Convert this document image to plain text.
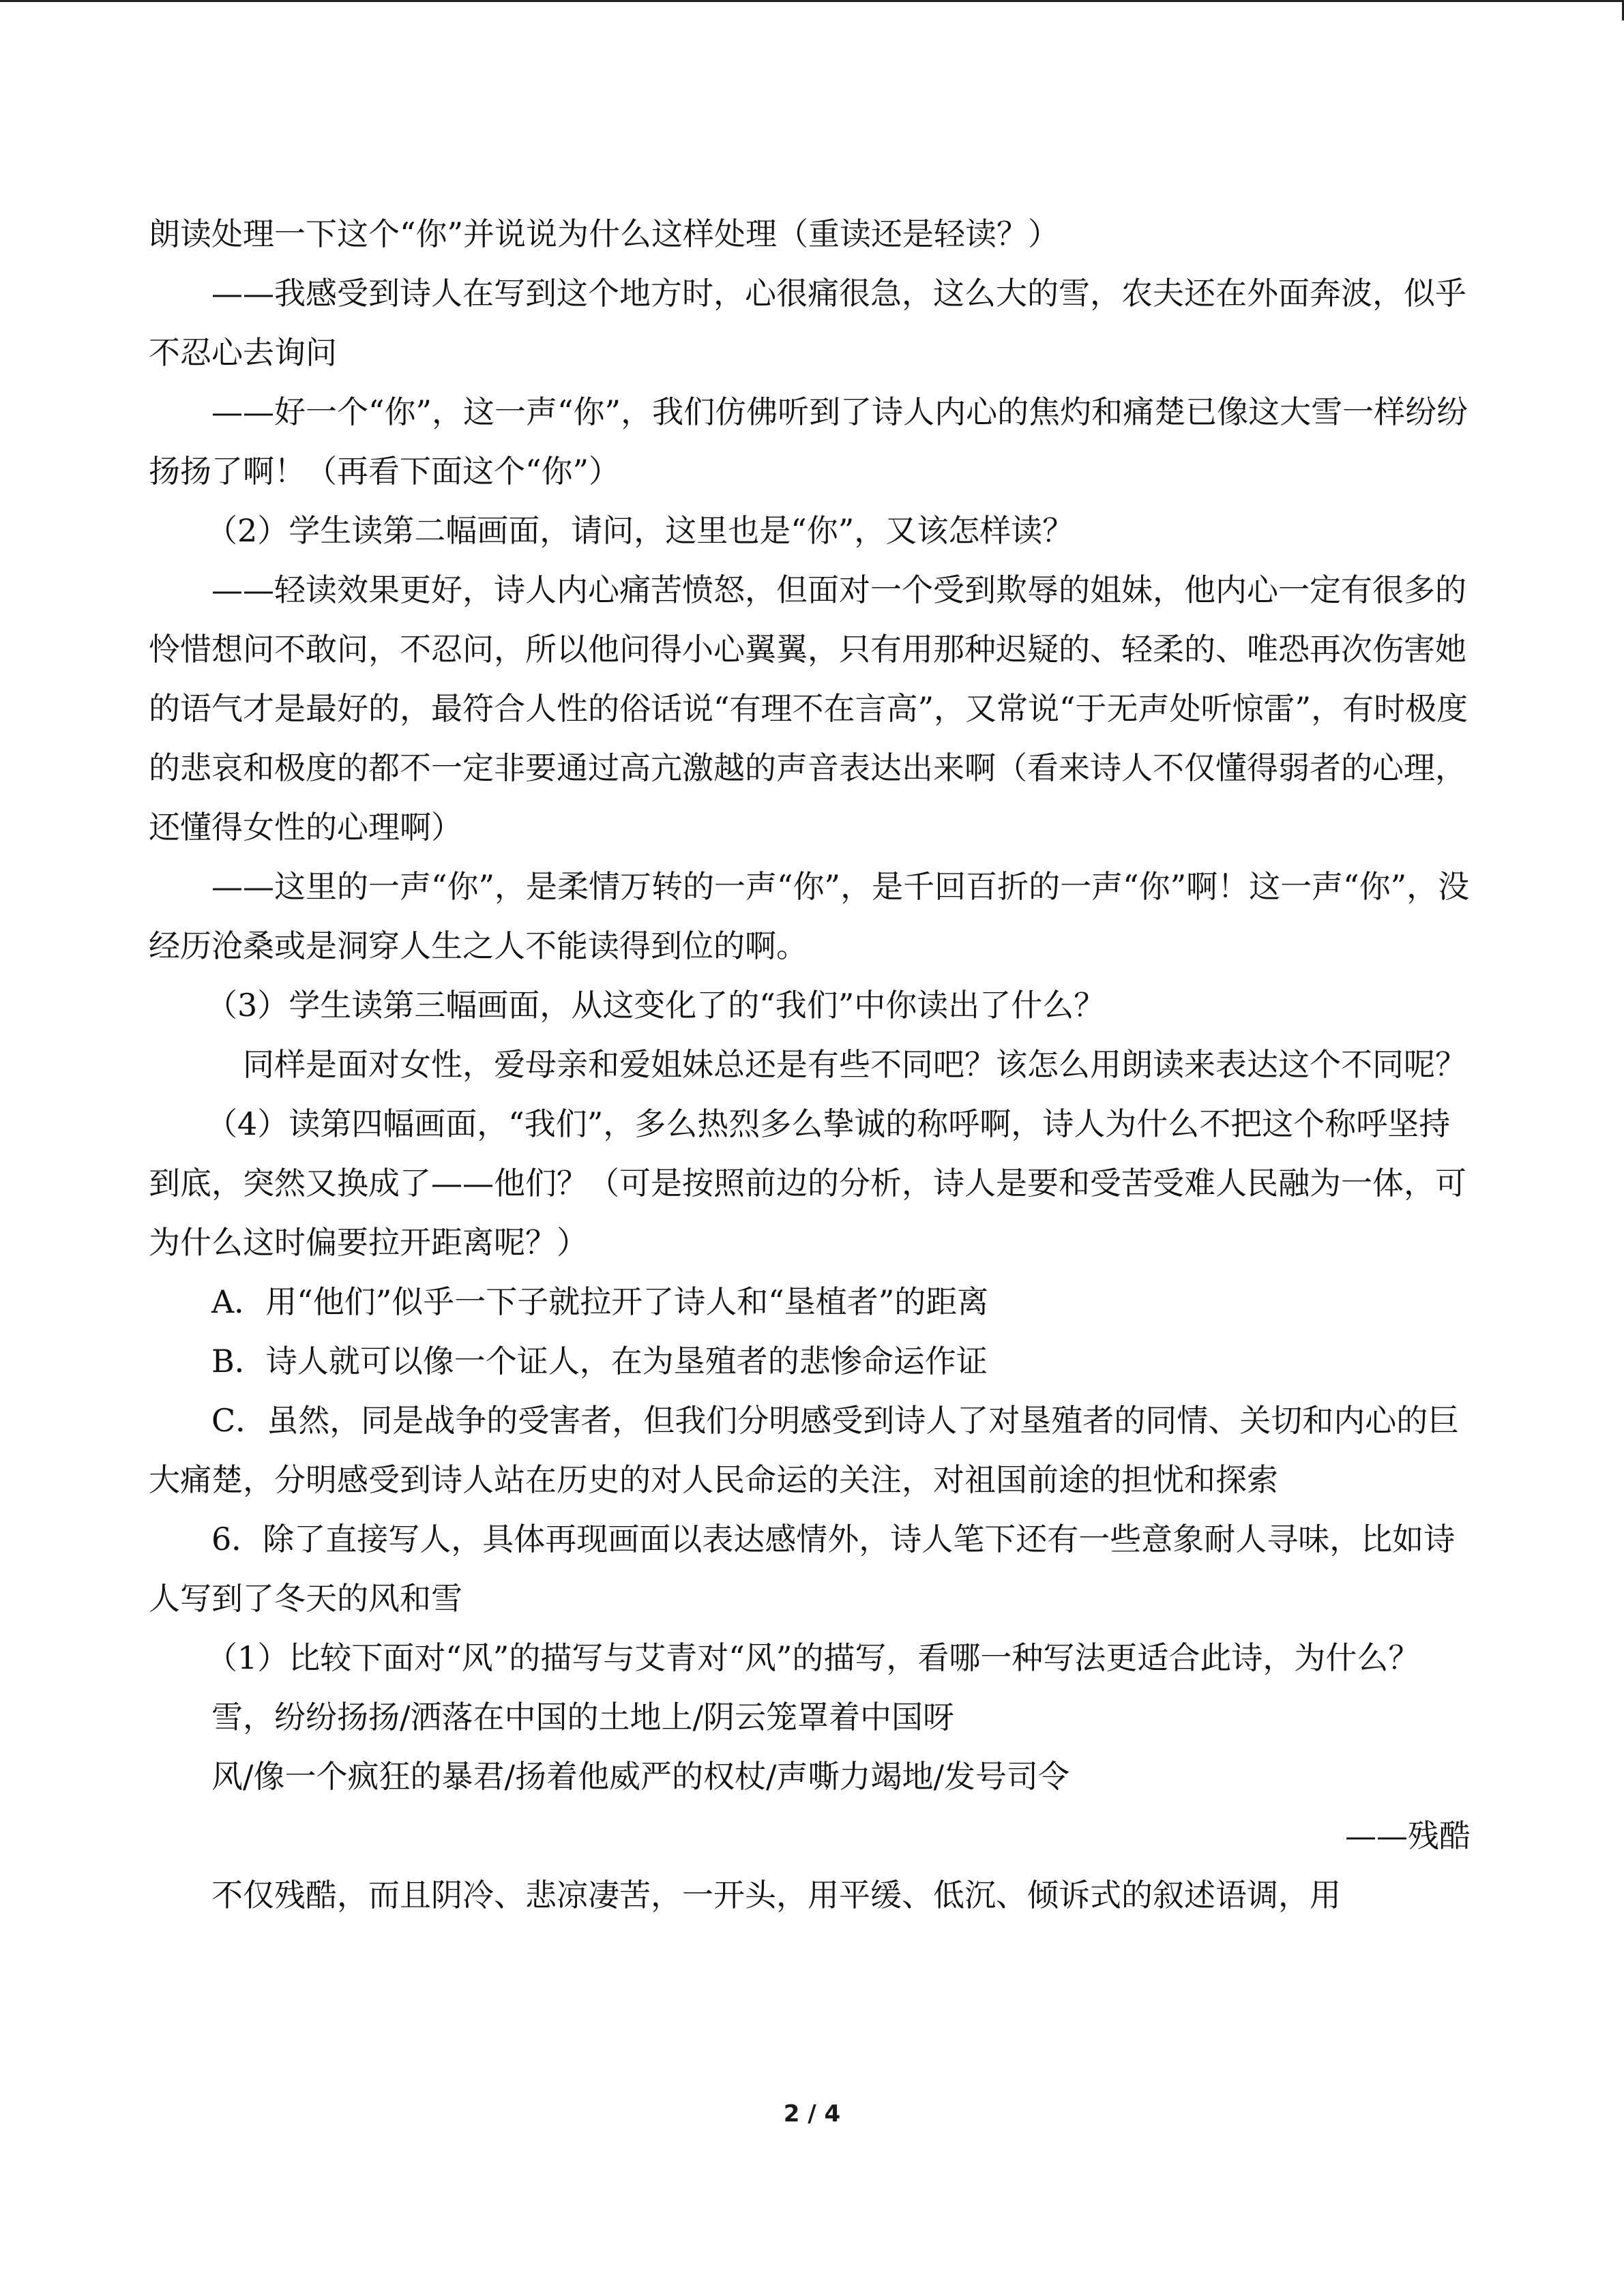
朗读处理一下这个“你”并说说为什么这样处理（重读还是轻读？）

——我感受到诗人在写到这个地方时，心很痛很急，这么大的雪，农夫还在外面奔波，似乎不忍心去询问

——好一个“你”，这一声“你”，我们仿佛听到了诗人内心的焦灼和痛楚已像这大雪一样纷纷扬扬了啊！（再看下面这个“你”）

（2）学生读第二幅画面，请问，这里也是“你”，又该怎样读？

——轻读效果更好，诗人内心痛苦愤怒，但面对一个受到欺辱的姐妹，他内心一定有很多的怜惜想问不敢问，不忍问，所以他问得小心翼翼，只有用那种迟疑的、轻柔的、唯恐再次伤害她的语气才是最好的，最符合人性的俗话说“有理不在言高”，又常说“于无声处听惊雷”，有时极度的悲哀和极度的都不一定非要通过高亢激越的声音表达出来啊（看来诗人不仅懂得弱者的心理，还懂得女性的心理啊）

——这里的一声“你”，是柔情万转的一声“你”，是千回百折的一声“你”啊！这一声“你”，没经历沧桑或是洞穿人生之人不能读得到位的啊。

（3）学生读第三幅画面，从这变化了的“我们”中你读出了什么？

同样是面对女性，爱母亲和爱姐妹总还是有些不同吧？该怎么用朗读来表达这个不同呢？

（4）读第四幅画面，“我们”，多么热烈多么挚诚的称呼啊，诗人为什么不把这个称呼坚持到底，突然又换成了——他们？（可是按照前边的分析，诗人是要和受苦受难人民融为一体，可为什么这时偏要拉开距离呢？）

A．用“他们”似乎一下子就拉开了诗人和“垦植者”的距离

B．诗人就可以像一个证人，在为垦殖者的悲惨命运作证

C．虽然，同是战争的受害者，但我们分明感受到诗人了对垦殖者的同情、关切和内心的巨大痛楚，分明感受到诗人站在历史的对人民命运的关注，对祖国前途的担忧和探索

6．除了直接写人，具体再现画面以表达感情外，诗人笔下还有一些意象耐人寻味，比如诗人写到了冬天的风和雪

（1）比较下面对“风”的描写与艾青对“风”的描写，看哪一种写法更适合此诗，为什么？

雪，纷纷扬扬/洒落在中国的土地上/阴云笼罩着中国呀

风/像一个疯狂的暴君/扬着他威严的权杖/声嘶力竭地/发号司令

——残酷

不仅残酷，而且阴冷、悲凉凄苦，一开头，用平缓、低沉、倾诉式的叙述语调，用

2 / 4
